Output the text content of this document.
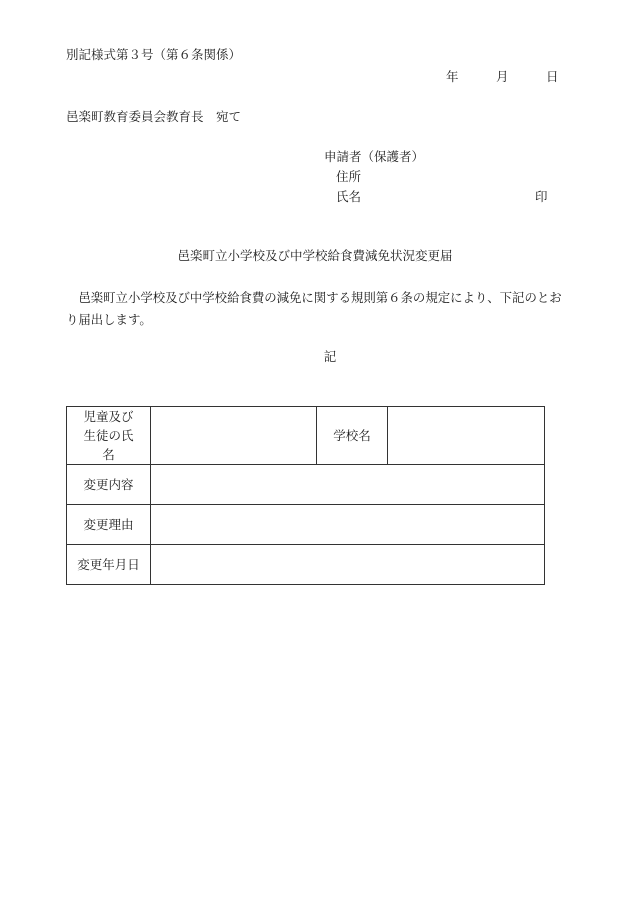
別記様式第３号（第６条関係）
年	月	日
邑楽町教育委員会教育長　宛て
申請者（保護者）
住所
氏名	印
邑楽町立小学校及び中学校給食費減免状況変更届
邑楽町立小学校及び中学校給食費の減免に関する規則第６条の規定により、下記のとおり届出します。
記
児童及び生徒の氏名		学校名	
変更内容			
変更理由			
変更年月日			
